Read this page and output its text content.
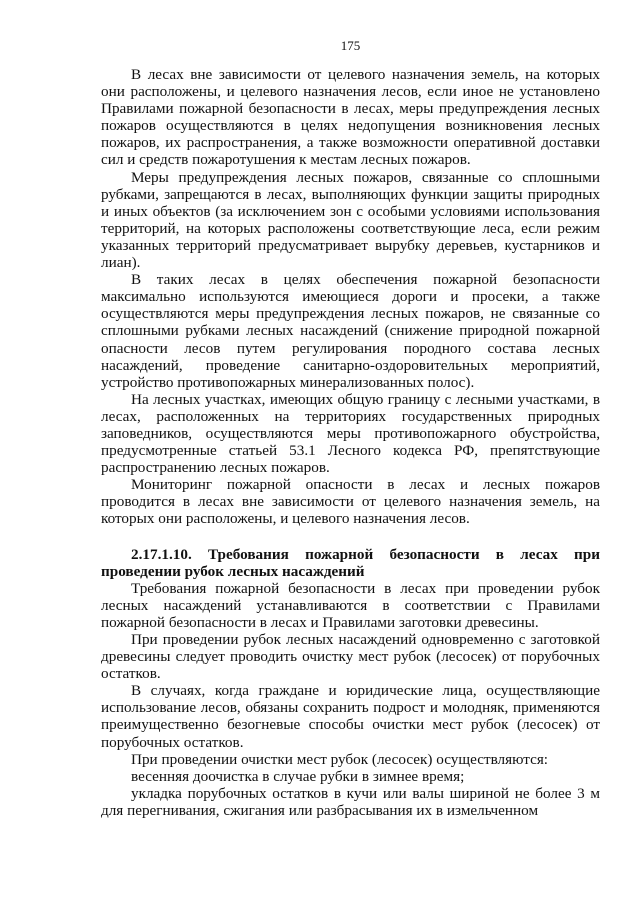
175

В лесах вне зависимости от целевого назначения земель, на которых они расположены, и целевого назначения лесов, если иное не установлено Правилами пожарной безопасности в лесах, меры предупреждения лесных пожаров осуществляются в целях недопущения возникновения лесных пожаров, их распространения, а также возможности оперативной доставки сил и средств пожаротушения к местам лесных пожаров.

Меры предупреждения лесных пожаров, связанные со сплошными рубками, запрещаются в лесах, выполняющих функции защиты природных и иных объектов (за исключением зон с особыми условиями использования территорий, на которых расположены соответствующие леса, если режим указанных территорий предусматривает вырубку деревьев, кустарников и лиан).

В таких лесах в целях обеспечения пожарной безопасности максимально используются имеющиеся дороги и просеки, а также осуществляются меры предупреждения лесных пожаров, не связанные со сплошными рубками лесных насаждений (снижение природной пожарной опасности лесов путем регулирования породного состава лесных насаждений, проведение санитарно-оздоровительных мероприятий, устройство противопожарных минерализованных полос).

На лесных участках, имеющих общую границу с лесными участками, в лесах, расположенных на территориях государственных природных заповедников, осуществляются меры противопожарного обустройства, предусмотренные статьей 53.1 Лесного кодекса РФ, препятствующие распространению лесных пожаров.

Мониторинг пожарной опасности в лесах и лесных пожаров проводится в лесах вне зависимости от целевого назначения земель, на которых они расположены, и целевого назначения лесов.

2.17.1.10. Требования пожарной безопасности в лесах при проведении рубок лесных насаждений

Требования пожарной безопасности в лесах при проведении рубок лесных насаждений устанавливаются в соответствии с Правилами пожарной безопасности в лесах и Правилами заготовки древесины.

При проведении рубок лесных насаждений одновременно с заготовкой древесины следует проводить очистку мест рубок (лесосек) от порубочных остатков.

В случаях, когда граждане и юридические лица, осуществляющие использование лесов, обязаны сохранить подрост и молодняк, применяются преимущественно безогневые способы очистки мест рубок (лесосек) от порубочных остатков.

При проведении очистки мест рубок (лесосек) осуществляются:

весенняя доочистка в случае рубки в зимнее время;

укладка порубочных остатков в кучи или валы шириной не более 3 м для перегнивания, сжигания или разбрасывания их в измельченном
